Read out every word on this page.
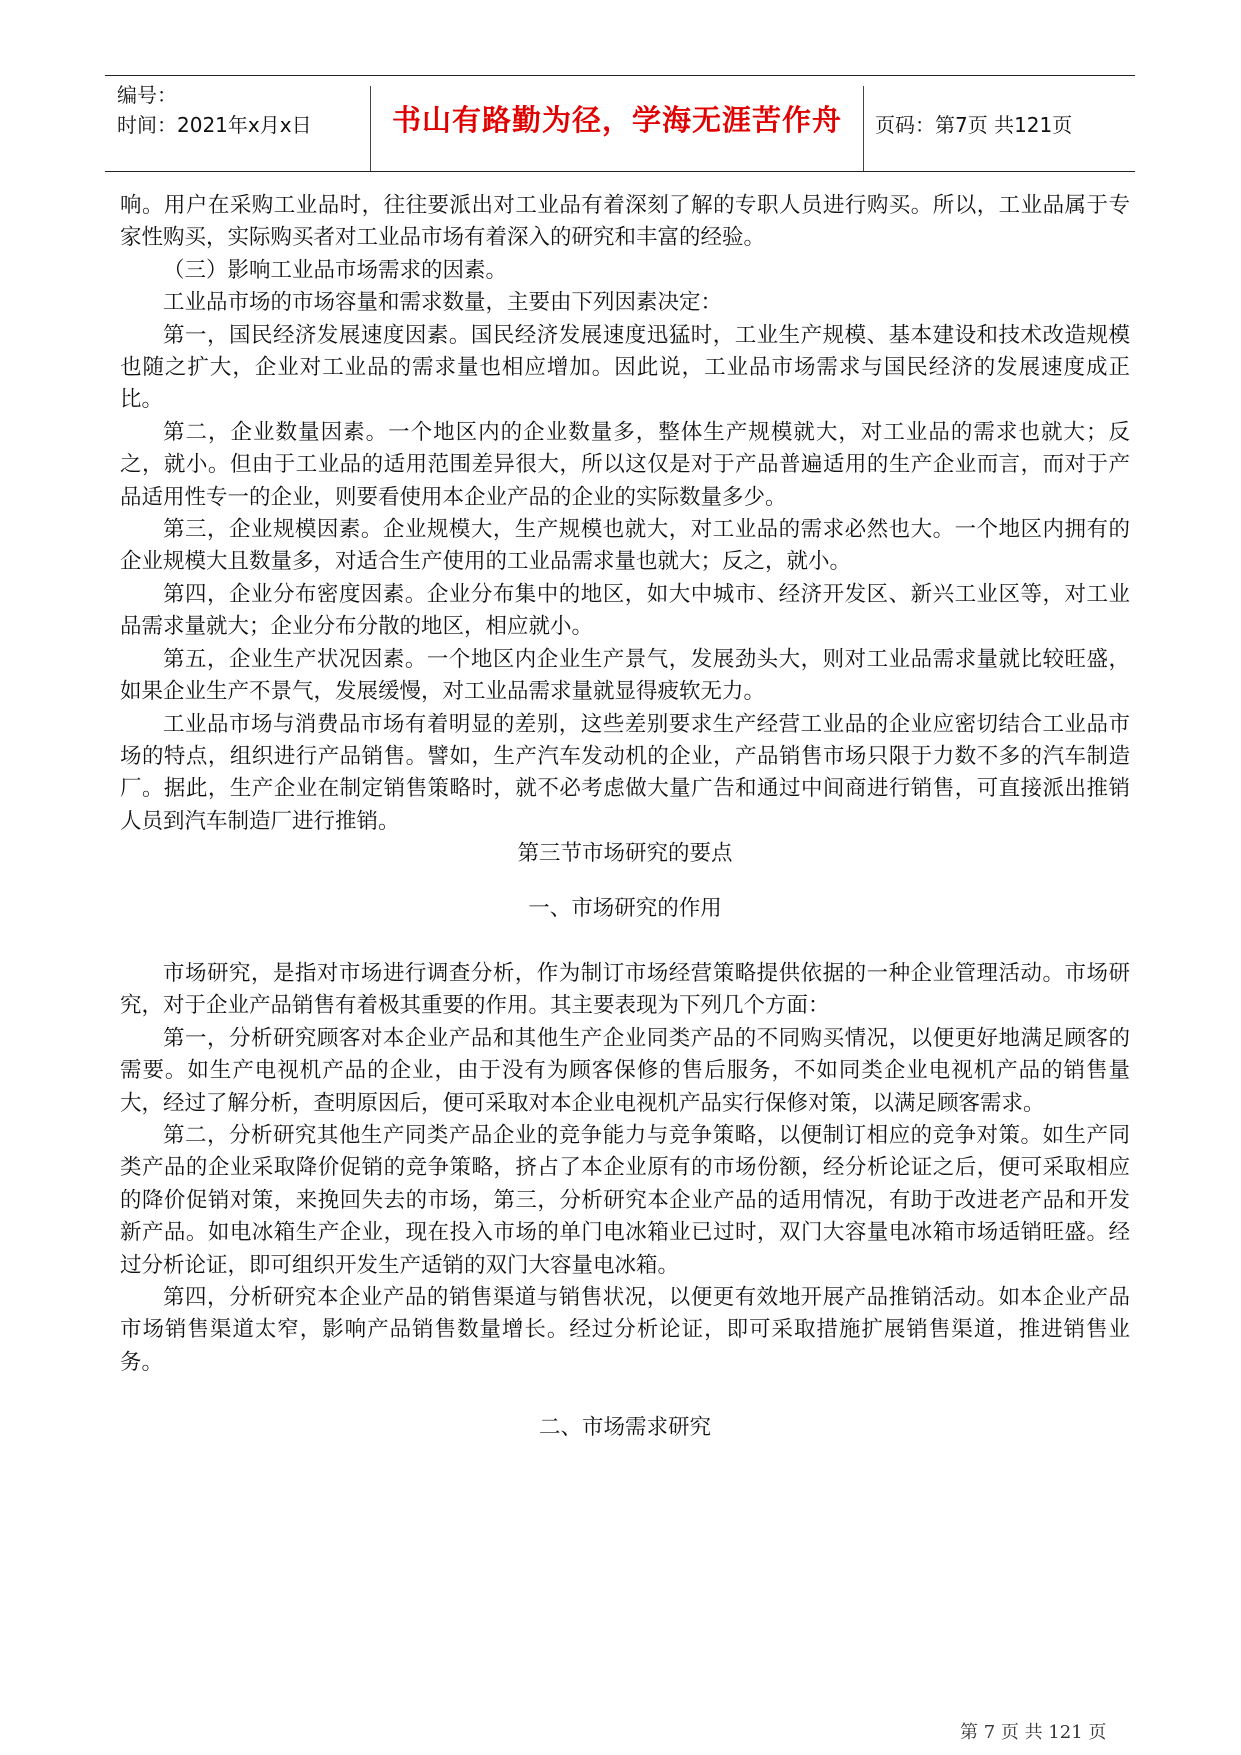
编号：
时间：2021年x月x日	书山有路勤为径，学海无涯苦作舟	页码：第7页 共121页

响。用户在采购工业品时，往往要派出对工业品有着深刻了解的专职人员进行购买。所以，工业品属于专家性购买，实际购买者对工业品市场有着深入的研究和丰富的经验。

（三）影响工业品市场需求的因素。

工业品市场的市场容量和需求数量，主要由下列因素决定：

第一，国民经济发展速度因素。国民经济发展速度迅猛时，工业生产规模、基本建设和技术改造规模也随之扩大，企业对工业品的需求量也相应增加。因此说，工业品市场需求与国民经济的发展速度成正比。

第二，企业数量因素。一个地区内的企业数量多，整体生产规模就大，对工业品的需求也就大；反之，就小。但由于工业品的适用范围差异很大，所以这仅是对于产品普遍适用的生产企业而言，而对于产品适用性专一的企业，则要看使用本企业产品的企业的实际数量多少。

第三，企业规模因素。企业规模大，生产规模也就大，对工业品的需求必然也大。一个地区内拥有的企业规模大且数量多，对适合生产使用的工业品需求量也就大；反之，就小。

第四，企业分布密度因素。企业分布集中的地区，如大中城市、经济开发区、新兴工业区等，对工业品需求量就大；企业分布分散的地区，相应就小。

第五，企业生产状况因素。一个地区内企业生产景气，发展劲头大，则对工业品需求量就比较旺盛，如果企业生产不景气，发展缓慢，对工业品需求量就显得疲软无力。

工业品市场与消费品市场有着明显的差别，这些差别要求生产经营工业品的企业应密切结合工业品市场的特点，组织进行产品销售。譬如，生产汽车发动机的企业，产品销售市场只限于力数不多的汽车制造厂。据此，生产企业在制定销售策略时，就不必考虑做大量广告和通过中间商进行销售，可直接派出推销人员到汽车制造厂进行推销。

第三节市场研究的要点

一、市场研究的作用

市场研究，是指对市场进行调查分析，作为制订市场经营策略提供依据的一种企业管理活动。市场研究，对于企业产品销售有着极其重要的作用。其主要表现为下列几个方面：

第一，分析研究顾客对本企业产品和其他生产企业同类产品的不同购买情况，以便更好地满足顾客的需要。如生产电视机产品的企业，由于没有为顾客保修的售后服务，不如同类企业电视机产品的销售量大，经过了解分析，查明原因后，便可采取对本企业电视机产品实行保修对策，以满足顾客需求。

第二，分析研究其他生产同类产品企业的竞争能力与竞争策略，以便制订相应的竞争对策。如生产同类产品的企业采取降价促销的竞争策略，挤占了本企业原有的市场份额，经分析论证之后，便可采取相应的降价促销对策，来挽回失去的市场，第三，分析研究本企业产品的适用情况，有助于改进老产品和开发新产品。如电冰箱生产企业，现在投入市场的单门电冰箱业已过时，双门大容量电冰箱市场适销旺盛。经过分析论证，即可组织开发生产适销的双门大容量电冰箱。

第四，分析研究本企业产品的销售渠道与销售状况，以便更有效地开展产品推销活动。如本企业产品市场销售渠道太窄，影响产品销售数量增长。经过分析论证，即可采取措施扩展销售渠道，推进销售业务。

二、市场需求研究

第 7 页 共 121 页
